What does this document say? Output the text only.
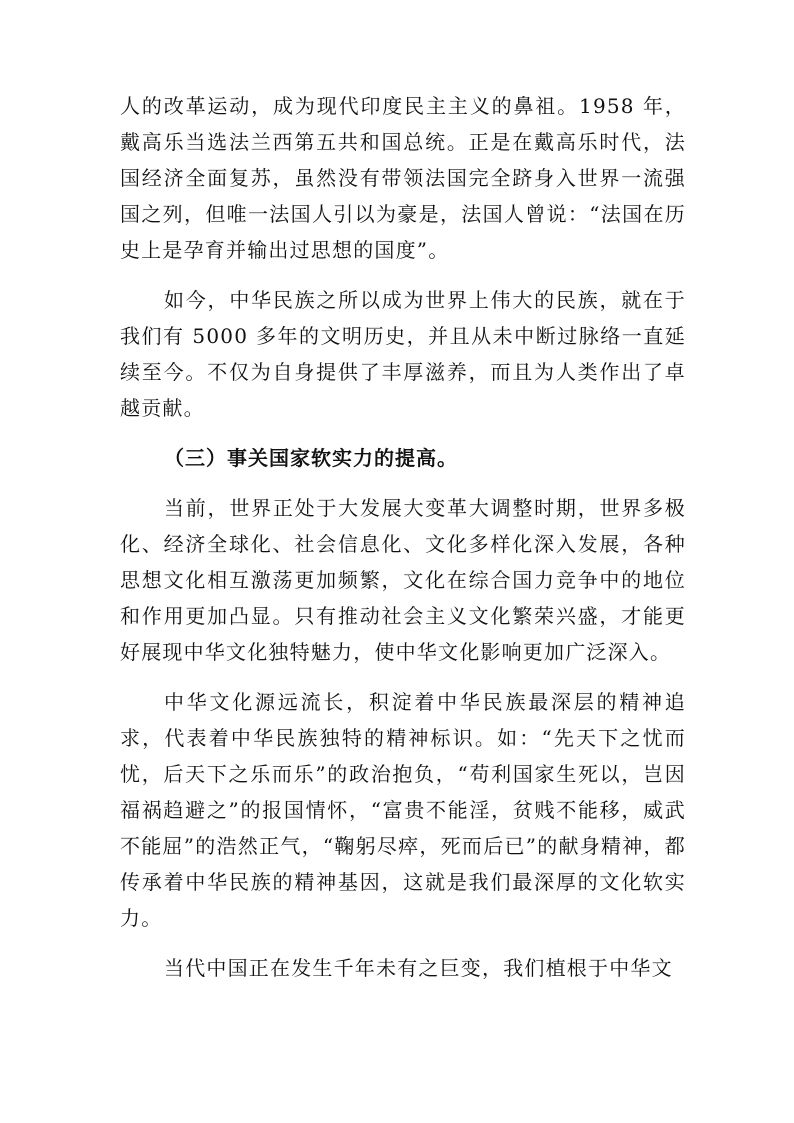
人的改革运动，成为现代印度民主主义的鼻祖。1958 年，戴高乐当选法兰西第五共和国总统。正是在戴高乐时代，法国经济全面复苏，虽然没有带领法国完全跻身入世界一流强国之列，但唯一法国人引以为豪是，法国人曾说：“法国在历史上是孕育并输出过思想的国度”。

如今，中华民族之所以成为世界上伟大的民族，就在于我们有 5000 多年的文明历史，并且从未中断过脉络一直延续至今。不仅为自身提供了丰厚滋养，而且为人类作出了卓越贡献。

（三）事关国家软实力的提高。

当前，世界正处于大发展大变革大调整时期，世界多极化、经济全球化、社会信息化、文化多样化深入发展，各种思想文化相互激荡更加频繁，文化在综合国力竞争中的地位和作用更加凸显。只有推动社会主义文化繁荣兴盛，才能更好展现中华文化独特魅力，使中华文化影响更加广泛深入。

中华文化源远流长，积淀着中华民族最深层的精神追求，代表着中华民族独特的精神标识。如：“先天下之忧而忧，后天下之乐而乐”的政治抱负，“苟利国家生死以，岂因福祸趋避之”的报国情怀，“富贵不能淫，贫贱不能移，威武不能屈”的浩然正气，“鞠躬尽瘁，死而后已”的献身精神，都传承着中华民族的精神基因，这就是我们最深厚的文化软实力。

当代中国正在发生千年未有之巨变，我们植根于中华文
